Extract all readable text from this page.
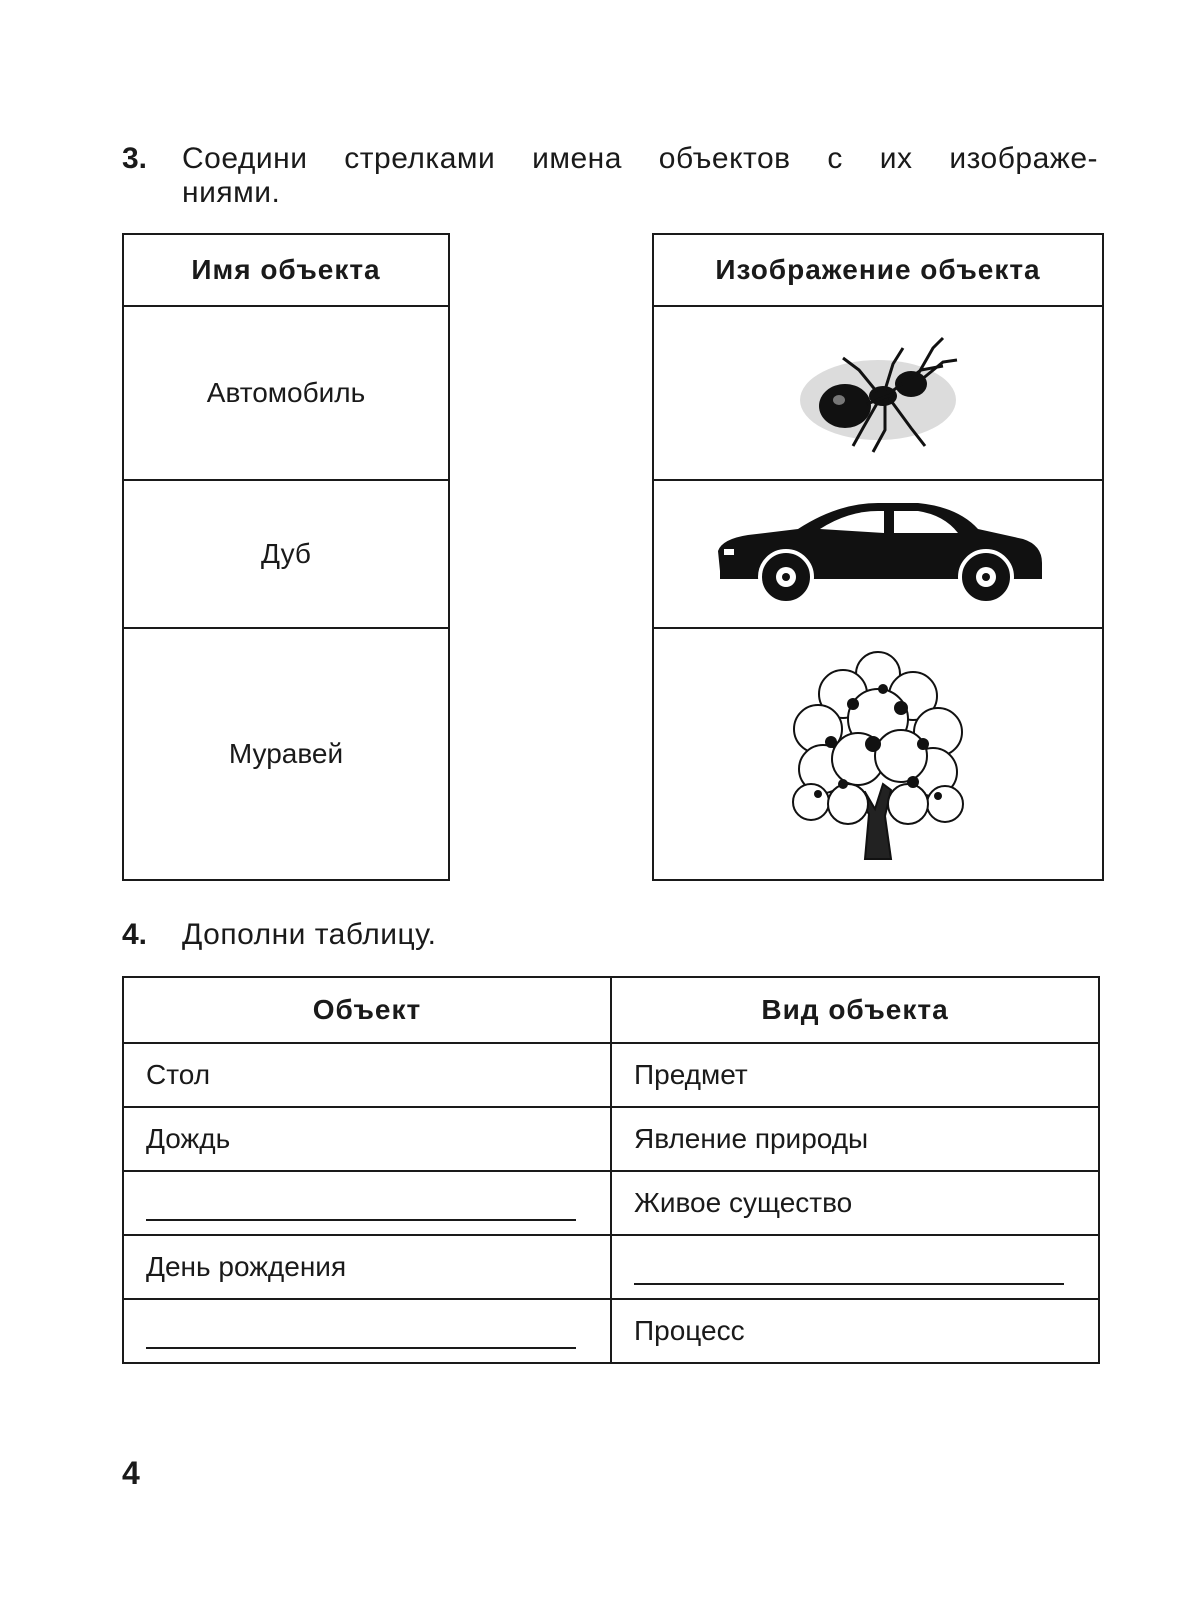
3. Соедини стрелками имена объектов с их изображе-
ниями.
Имя объекта
Автомобиль
Дуб
Муравей
Изображение объекта
4. Дополни таблицу.
Объект	Вид объекта
Стол	Предмет
Дождь	Явление природы
	Живое существо
День рождения	
	Процесс
4
